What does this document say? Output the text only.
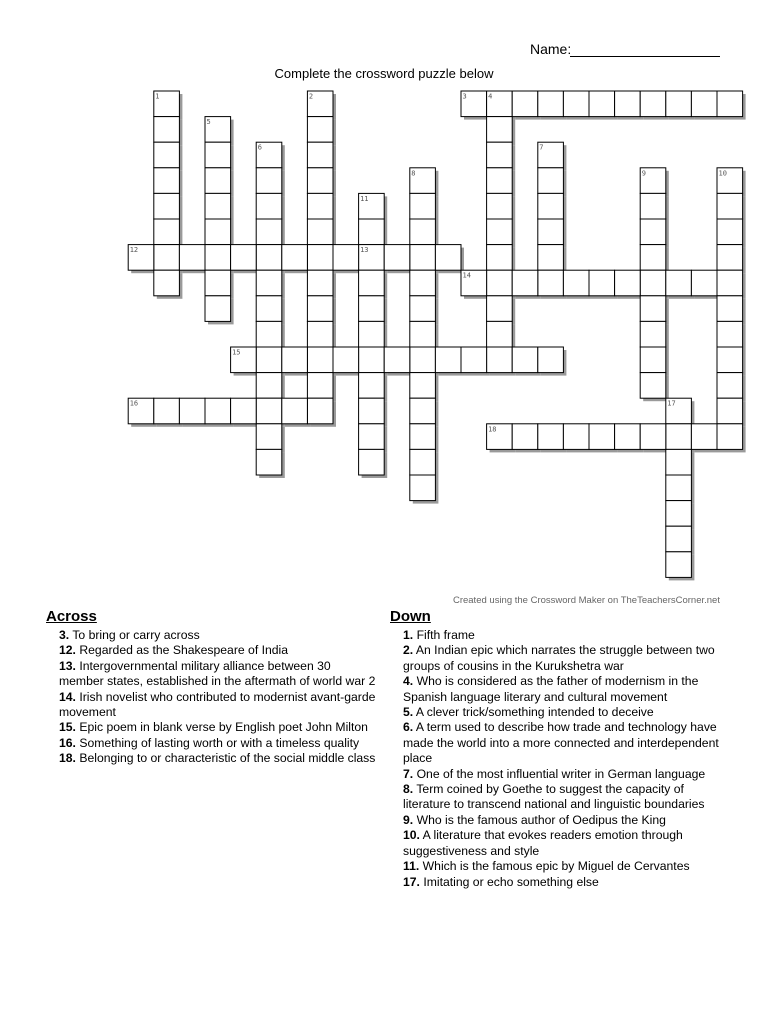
Name:
Complete the crossword puzzle below
1	2	3	4
5
6	7
8	9	10
11
12	13
14
15
16	17
18
Created using the Crossword Maker on TheTeachersCorner.net
Across
3. To bring or carry across
12. Regarded as the Shakespeare of India
13. Intergovernmental military alliance between 30 member states, established in the aftermath of world war 2
14. Irish novelist who contributed to modernist avant-garde movement
15. Epic poem in blank verse by English poet John Milton
16. Something of lasting worth or with a timeless quality
18. Belonging to or characteristic of the social middle class
Down
1. Fifth frame
2. An Indian epic which narrates the struggle between two groups of cousins in the Kurukshetra war
4. Who is considered as the father of modernism in the Spanish language literary and cultural movement
5. A clever trick/something intended to deceive
6. A term used to describe how trade and technology have made the world into a more connected and interdependent place
7. One of the most influential writer in German language
8. Term coined by Goethe to suggest the capacity of literature to transcend national and linguistic boundaries
9. Who is the famous author of Oedipus the King
10. A literature that evokes readers emotion through suggestiveness and style
11. Which is the famous epic by Miguel de Cervantes
17. Imitating or echo something else
